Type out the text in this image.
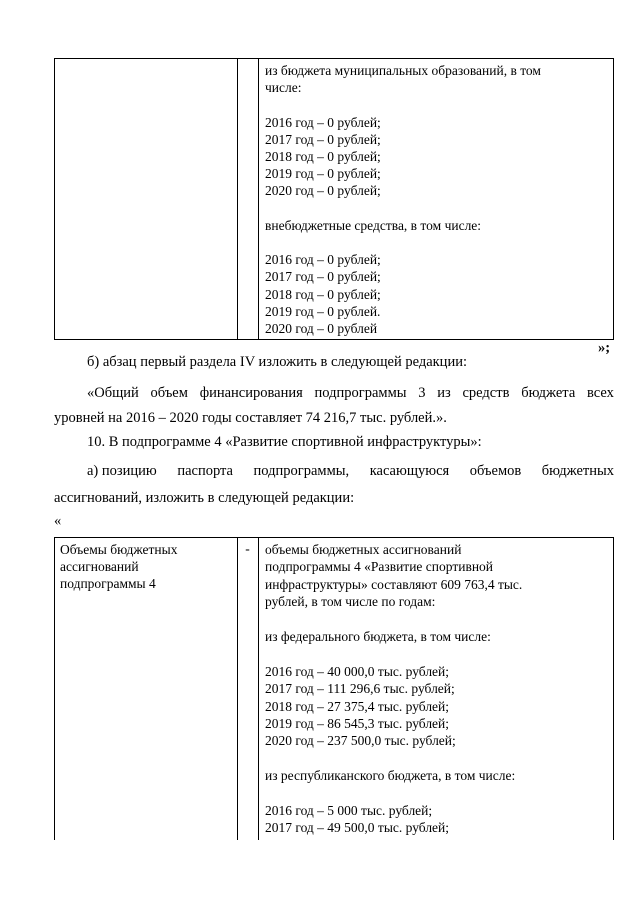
из бюджета муниципальных образований, в том
числе:
2016 год – 0 рублей;
2017 год – 0 рублей;
2018 год – 0 рублей;
2019 год – 0 рублей;
2020 год – 0 рублей;
внебюджетные средства, в том числе:
2016 год – 0 рублей;
2017 год – 0 рублей;
2018 год – 0 рублей;
2019 год – 0 рублей.
2020 год – 0 рублей
»;
б) абзац первый раздела IV изложить в следующей редакции:
«Общий объем финансирования подпрограммы 3 из средств бюджета всех
уровней на 2016 – 2020 годы составляет 74 216,7 тыс. рублей.».
10. В подпрограмме 4 «Развитие спортивной инфраструктуры»:
а) позицию паспорта подпрограммы, касающуюся объемов бюджетных
ассигнований, изложить в следующей редакции:
«
Объемы бюджетных
ассигнований
подпрограммы 4
-	объемы бюджетных ассигнований
подпрограммы 4 «Развитие спортивной
инфраструктуры» составляют 609 763,4 тыс.
рублей, в том числе по годам:
из федерального бюджета, в том числе:
2016 год – 40 000,0 тыс. рублей;
2017 год – 111 296,6 тыс. рублей;
2018 год – 27 375,4 тыс. рублей;
2019 год – 86 545,3 тыс. рублей;
2020 год – 237 500,0 тыс. рублей;
из республиканского бюджета, в том числе:
2016 год – 5 000 тыс. рублей;
2017 год – 49 500,0 тыс. рублей;
